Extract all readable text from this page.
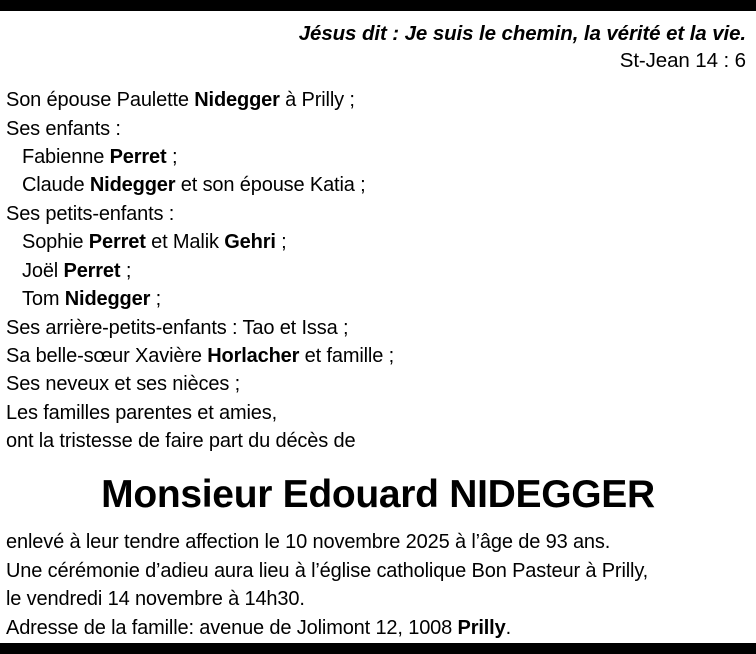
Jésus dit : Je suis le chemin, la vérité et la vie.
St-Jean 14 : 6
Son épouse Paulette Nidegger à Prilly ;
Ses enfants :
Fabienne Perret ;
Claude Nidegger et son épouse Katia ;
Ses petits-enfants :
Sophie Perret et Malik Gehri ;
Joël Perret ;
Tom Nidegger ;
Ses arrière-petits-enfants : Tao et Issa ;
Sa belle-sœur Xavière Horlacher et famille ;
Ses neveux et ses nièces ;
Les familles parentes et amies,
ont la tristesse de faire part du décès de
Monsieur Edouard NIDEGGER
enlevé à leur tendre affection le 10 novembre 2025 à l’âge de 93 ans.
Une cérémonie d’adieu aura lieu à l’église catholique Bon Pasteur à Prilly,
le vendredi 14 novembre à 14h30.
Adresse de la famille: avenue de Jolimont 12, 1008 Prilly.
